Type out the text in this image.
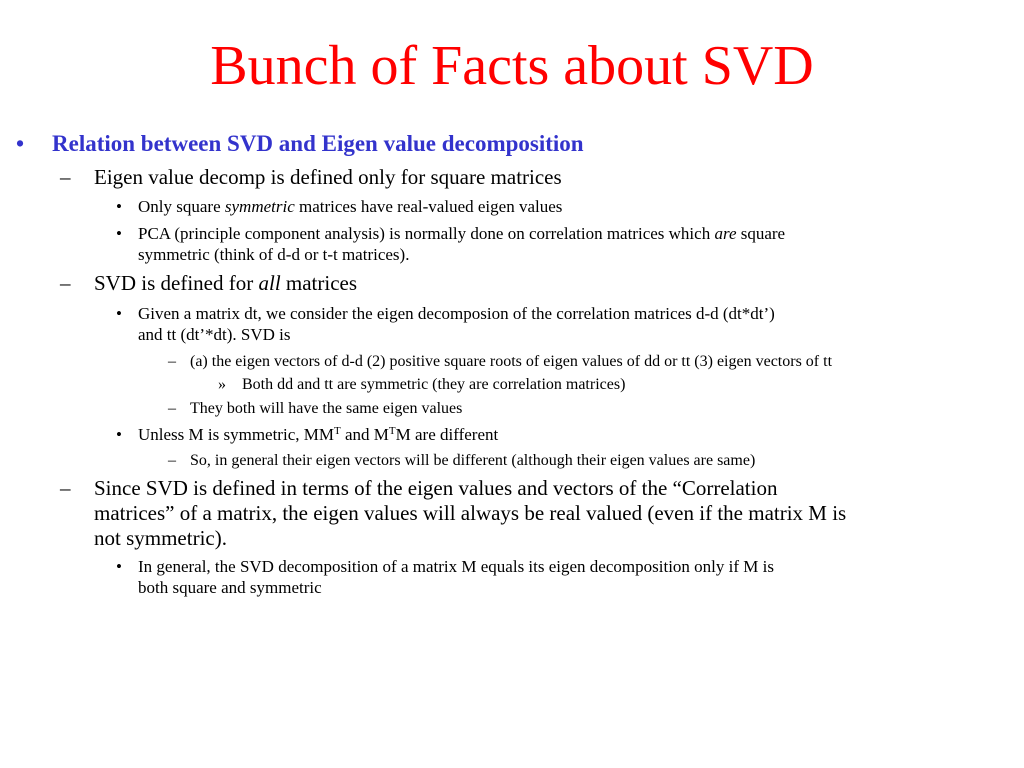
Bunch of Facts about SVD
• Relation between SVD and Eigen value decomposition
– Eigen value decomp is defined only for square matrices
• Only square symmetric matrices have real-valued eigen values
• PCA (principle component analysis) is normally done on correlation matrices which are square
symmetric (think of d-d or t-t matrices).
– SVD is defined for all matrices
• Given a matrix dt, we consider the eigen decomposion of the correlation matrices d-d (dt*dt’)
and tt (dt’*dt). SVD is
– (a) the eigen vectors of d-d (2) positive square roots of eigen values of dd or tt (3) eigen vectors of tt
» Both dd and tt are symmetric (they are correlation matrices)
– They both will have the same eigen values
• Unless M is symmetric, $MM^T$ and $M^TM$ are different
– So, in general their eigen vectors will be different (although their eigen values are same)
– Since SVD is defined in terms of the eigen values and vectors of the “Correlation
matrices” of a matrix, the eigen values will always be real valued (even if the matrix M is
not symmetric).
• In general, the SVD decomposition of a matrix M equals its eigen decomposition only if M is
both square and symmetric
